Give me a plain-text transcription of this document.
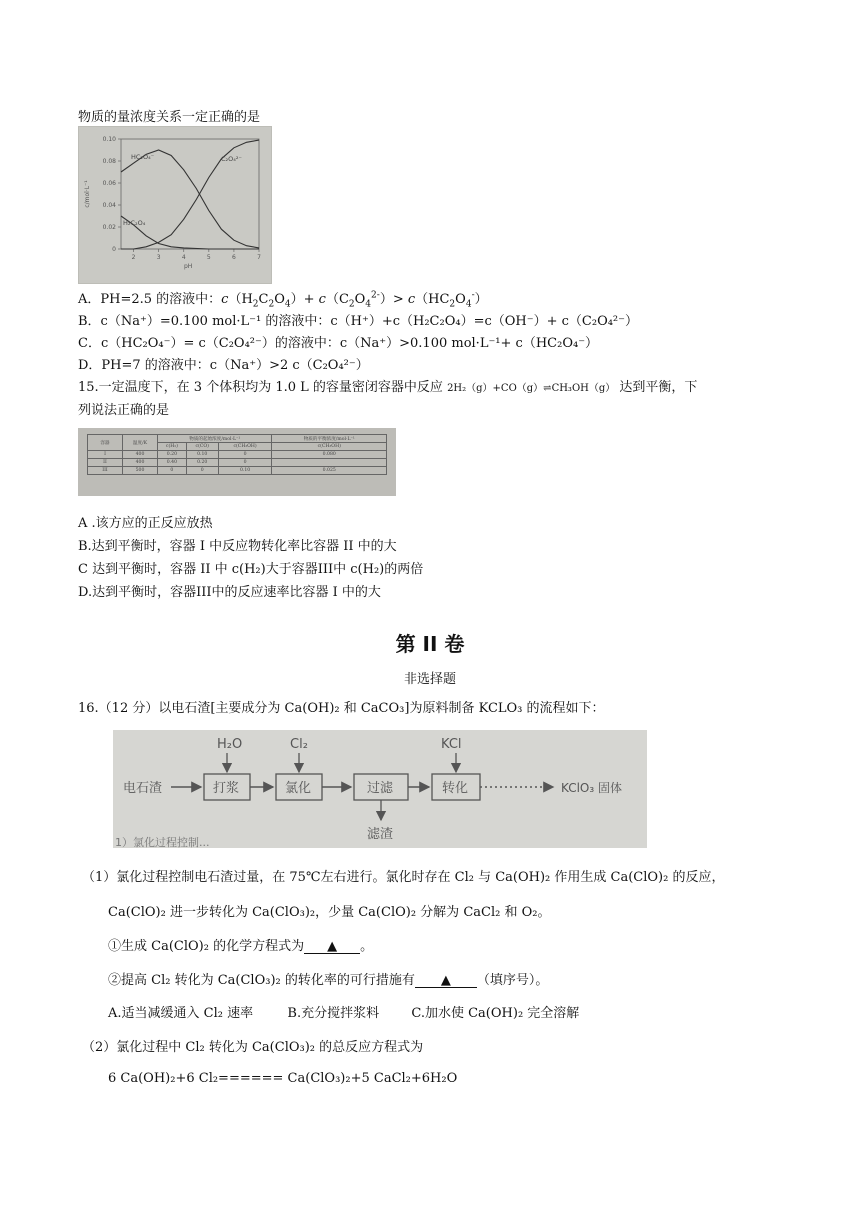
物质的量浓度关系一定正确的是
0
0.02
0.04
0.06
0.08
0.10
2	3	4	5	6	7
pH
c/mol·L⁻¹
H₂C₂O₄
HC₂O₄⁻	C₂O₄²⁻
A．PH=2.5 的溶液中：$c(H_2C_2O_4)+ c(C_2O_4^{2-})> c(HC_2O_4^-)$
B．c（Na⁺）=0.100 mol·L⁻¹ 的溶液中：c（H⁺）+c（H₂C₂O₄）=c（OH⁻）+ c（C₂O₄²⁻）
C．c（HC₂O₄⁻）= c（C₂O₄²⁻）的溶液中：c（Na⁺）>0.100 mol·L⁻¹+ c（HC₂O₄⁻）
D．PH=7 的溶液中：c（Na⁺）>2 c（C₂O₄²⁻）
15.一定温度下，在 3 个体积均为 1.0 L 的容量密闭容器中反应 2H₂（g）+CO（g）⇌CH₃OH（g） 达到平衡，下
列说法正确的是
容器	温度/K	物质的起始浓度/mol·L⁻¹			物质的平衡浓度/mol·L⁻¹
		c(H₂)	c(CO)	c(CH₃OH)	c(CH₃OH)
I	400	0.20	0.10	0	0.080
II	400	0.40	0.20	0	
III	500	0	0	0.10	0.025
A .该方应的正反应放热
B.达到平衡时，容器 I 中反应物转化率比容器 II 中的大
C 达到平衡时，容器 II 中 c(H₂)大于容器III中 c(H₂)的两倍
D.达到平衡时，容器III中的反应速率比容器 I 中的大
第 II 卷
非选择题
16.（12 分）以电石渣[主要成分为 Ca(OH)₂ 和 CaCO₃]为原料制备 KCLO₃ 的流程如下：
电石渣	打浆
H₂O
氯化
Cl₂
过滤
滤渣
转化
KCl
KClO₃ 固体
1）氯化过程控制...
（1）氯化过程控制电石渣过量，在 75℃左右进行。氯化时存在 Cl₂ 与 Ca(OH)₂ 作用生成 Ca(ClO)₂ 的反应，
Ca(ClO)₂ 进一步转化为 Ca(ClO₃)₂，少量 Ca(ClO)₂ 分解为 CaCl₂ 和 O₂。
①生成 Ca(ClO)₂ 的化学方程式为 ▲ 。
②提高 Cl₂ 转化为 Ca(ClO₃)₂ 的转化率的可行措施有 ▲ （填序号）。
A.适当减缓通入 Cl₂ 速率	B.充分搅拌浆料 C.加水使 Ca(OH)₂ 完全溶解
（2）氯化过程中 Cl₂ 转化为 Ca(ClO₃)₂ 的总反应方程式为
6 Ca(OH)₂+6 Cl₂====== Ca(ClO₃)₂+5 CaCl₂+6H₂O
